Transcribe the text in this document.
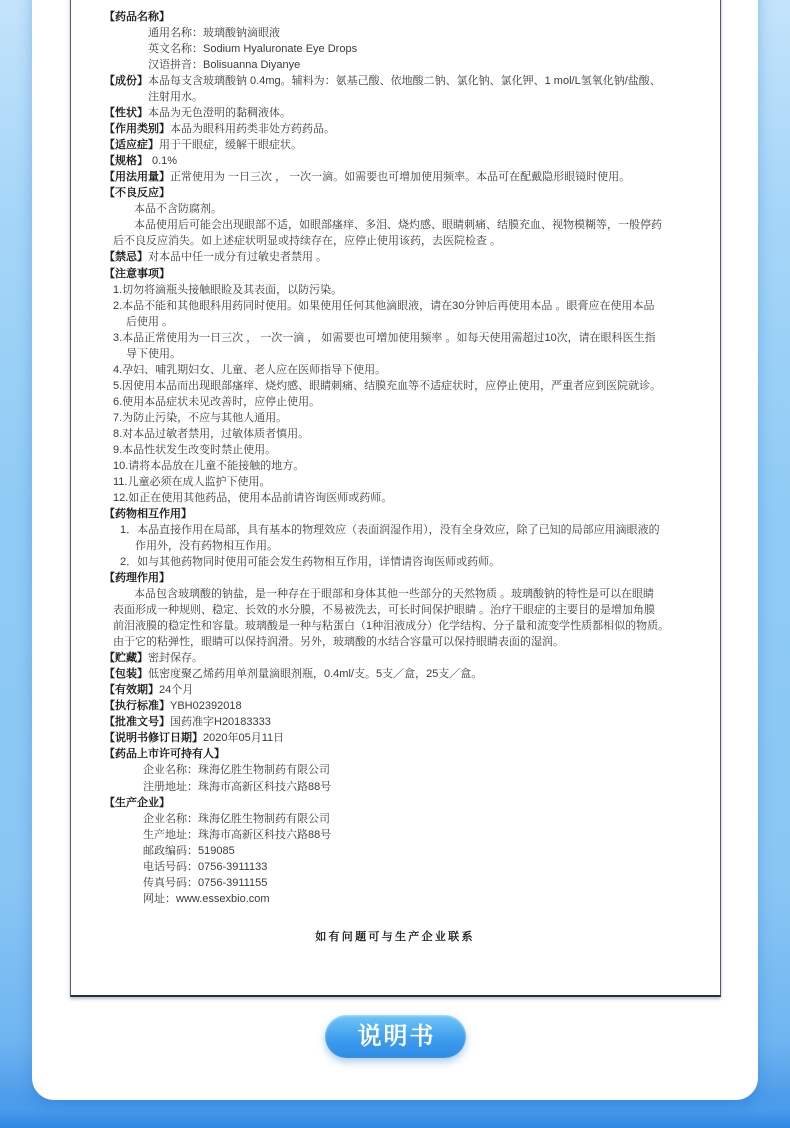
【药品名称】
通用名称：玻璃酸钠滴眼液
英文名称：Sodium Hyaluronate Eye Drops
汉语拼音：Bolisuanna Diyanye
【成份】本品每支含玻璃酸钠 0.4mg。辅料为：氨基己酸、依地酸二钠、氯化钠、氯化钾、1 mol/L氢氧化钠/盐酸、
注射用水。
【性状】本品为无色澄明的黏稠液体。
【作用类别】本品为眼科用药类非处方药药品。
【适应症】用于干眼症，缓解干眼症状。
【规格】 0.1%
【用法用量】正常使用为 一日三次 ， 一次一滴。如需要也可增加使用频率。本品可在配戴隐形眼镜时使用。
【不良反应】
本品不含防腐剂。
本品使用后可能会出现眼部不适，如眼部瘙痒、多泪、烧灼感、眼睛刺痛、结膜充血、视物模糊等，一般停药
后不良反应消失。如上述症状明显或持续存在，应停止使用该药，去医院检查 。
【禁忌】对本品中任一成分有过敏史者禁用 。
【注意事项】
1.切勿将滴瓶头接触眼睑及其表面，以防污染。
2.本品不能和其他眼科用药同时使用。如果使用任何其他滴眼液，请在30分钟后再使用本品 。眼膏应在使用本品
后使用 。
3.本品正常使用为一日三次 ， 一次一滴 ， 如需要也可增加使用频率 。如每天使用需超过10次，请在眼科医生指
导下使用。
4.孕妇、哺乳期妇女、儿童、老人应在医师指导下使用。
5.因使用本品而出现眼部瘙痒、烧灼感、眼睛刺痛、结膜充血等不适症状时，应停止使用，严重者应到医院就诊。
6.使用本品症状未见改善时，应停止使用。
7.为防止污染，不应与其他人通用。
8.对本品过敏者禁用，过敏体质者慎用。
9.本品性状发生改变时禁止使用。
10.请将本品放在儿童不能接触的地方。
11.儿童必须在成人监护下使用。
12.如正在使用其他药品，使用本品前请咨询医师或药师。
【药物相互作用】
1．本品直接作用在局部，具有基本的物理效应（表面润湿作用），没有全身效应，除了已知的局部应用滴眼液的
作用外，没有药物相互作用。
2．如与其他药物同时使用可能会发生药物相互作用，详情请咨询医师或药师。
【药理作用】
本品包含玻璃酸的钠盐，是一种存在于眼部和身体其他一些部分的天然物质 。玻璃酸钠的特性是可以在眼睛
表面形成一种规则、稳定、长效的水分膜，不易被洗去，可长时间保护眼睛 。治疗干眼症的主要目的是增加角膜
前泪液膜的稳定性和容量。玻璃酸是一种与粘蛋白（1种泪液成分）化学结构、分子量和流变学性质都相似的物质。
由于它的粘弹性，眼睛可以保持润滑。另外，玻璃酸的水结合容量可以保持眼睛表面的湿润。
【贮藏】密封保存。
【包装】低密度聚乙烯药用单剂量滴眼剂瓶，0.4ml/支。5支／盒，25支／盒。
【有效期】24个月
【执行标准】YBH02392018
【批准文号】国药准字H20183333
【说明书修订日期】2020年05月11日
【药品上市许可持有人】
企业名称：珠海亿胜生物制药有限公司
注册地址：珠海市高新区科技六路88号
【生产企业】
企业名称：珠海亿胜生物制药有限公司
生产地址：珠海市高新区科技六路88号
邮政编码：519085
电话号码：0756-3911133
传真号码：0756-3911155
网址：www.essexbio.com
如有问题可与生产企业联系
说明书
